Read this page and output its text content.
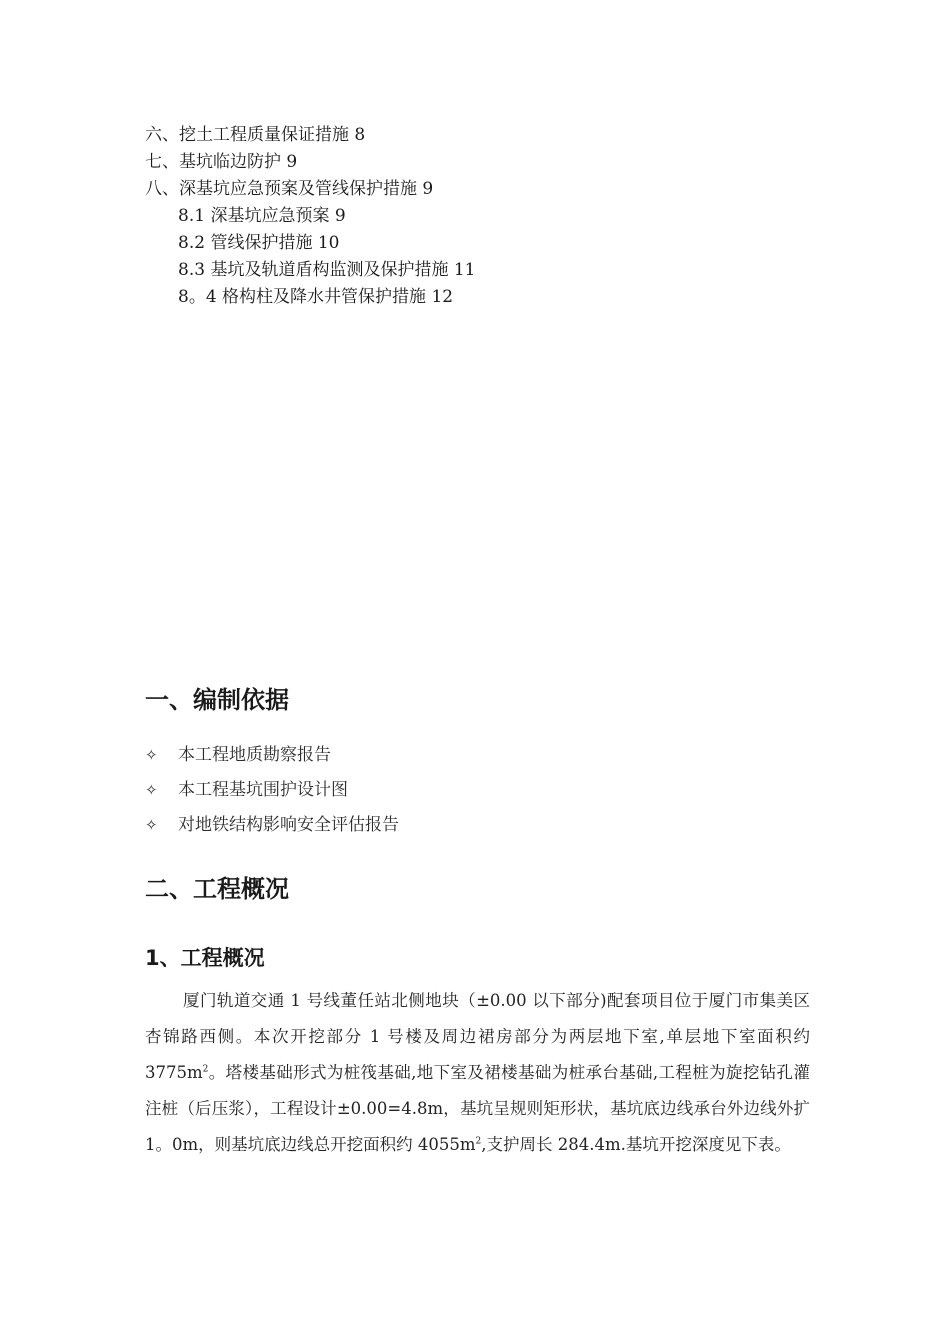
六、挖土工程质量保证措施 8
七、基坑临边防护 9
八、深基坑应急预案及管线保护措施 9
8.1 深基坑应急预案 9
8.2 管线保护措施 10
8.3 基坑及轨道盾构监测及保护措施 11
8。4 格构柱及降水井管保护措施 12
一、编制依据
✧ 本工程地质勘察报告
✧ 本工程基坑围护设计图
✧ 对地铁结构影响安全评估报告
二、工程概况
1、工程概况
厦门轨道交通 1 号线董任站北侧地块（±0.00 以下部分)配套项目位于厦门市集美区杏锦路西侧。本次开挖部分 1 号楼及周边裙房部分为两层地下室,单层地下室面积约 $3775m^2$。塔楼基础形式为桩筏基础,地下室及裙楼基础为桩承台基础,工程桩为旋挖钻孔灌注桩（后压浆），工程设计±0.00=4.8m，基坑呈规则矩形状，基坑底边线承台外边线外扩 1。0m，则基坑底边线总开挖面积约 $4055m^2$,支护周长 284.4m.基坑开挖深度见下表。
